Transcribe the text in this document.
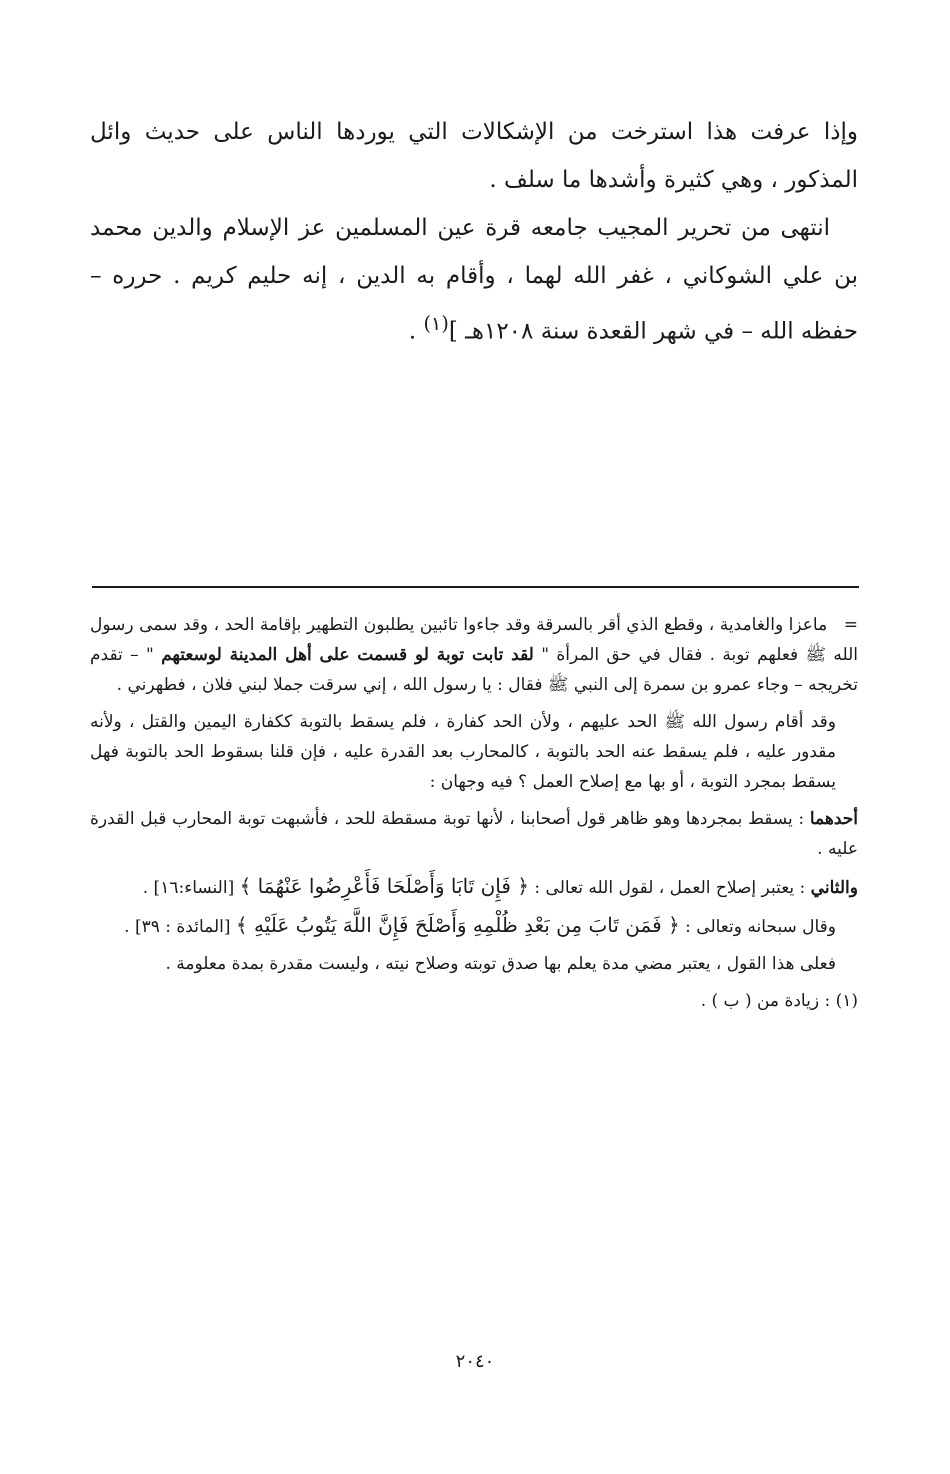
وإذا عرفت هذا استرخت من الإشكالات التي يوردها الناس على حديث وائل المذكور ، وهي كثيرة وأشدها ما سلف .

انتهى من تحرير المجيب جامعه قرة عين المسلمين عز الإسلام والدين محمد بن علي الشوكاني ، غفر الله لهما ، وأقام به الدين ، إنه حليم كريم . حرره – حفظه الله – في شهر القعدة سنة ١٢٠٨هـ ]$^{(١)}$ .

=   ماعزا والغامدية ، وقطع الذي أقر بالسرقة وقد جاءوا تائبين يطلبون التطهير بإقامة الحد ، وقد سمى رسول الله ﷺ فعلهم توبة . فقال في حق المرأة " لقد تابت توبة لو قسمت على أهل المدينة لوسعتهم " – تقدم تخريجه – وجاء عمرو بن سمرة إلى النبي ﷺ فقال : يا رسول الله ، إني سرقت جملا لبني فلان ، فطهرني .

وقد أقام رسول الله ﷺ الحد عليهم ، ولأن الحد كفارة ، فلم يسقط بالتوبة ككفارة اليمين والقتل ، ولأنه مقدور عليه ، فلم يسقط عنه الحد بالتوبة ، كالمحارب بعد القدرة عليه ، فإن قلنا بسقوط الحد بالتوبة فهل يسقط بمجرد التوبة ، أو بها مع إصلاح العمل ؟ فيه وجهان :

أحدهما : يسقط بمجردها وهو ظاهر قول أصحابنا ، لأنها توبة مسقطة للحد ، فأشبهت توبة المحارب قبل القدرة عليه .

والثاني : يعتبر إصلاح العمل ، لقول الله تعالى : ﴿ فَإِن تَابَا وَأَصْلَحَا فَأَعْرِضُوا عَنْهُمَا ﴾ [النساء:١٦] .

وقال سبحانه وتعالى : ﴿ فَمَن تَابَ مِن بَعْدِ ظُلْمِهِ وَأَصْلَحَ فَإِنَّ اللَّهَ يَتُوبُ عَلَيْهِ ﴾ [المائدة : ٣٩] .

فعلى هذا القول ، يعتبر مضي مدة يعلم بها صدق توبته وصلاح نيته ، وليست مقدرة بمدة معلومة .

(١) : زيادة من ( ب ) .

٢٠٤٠
